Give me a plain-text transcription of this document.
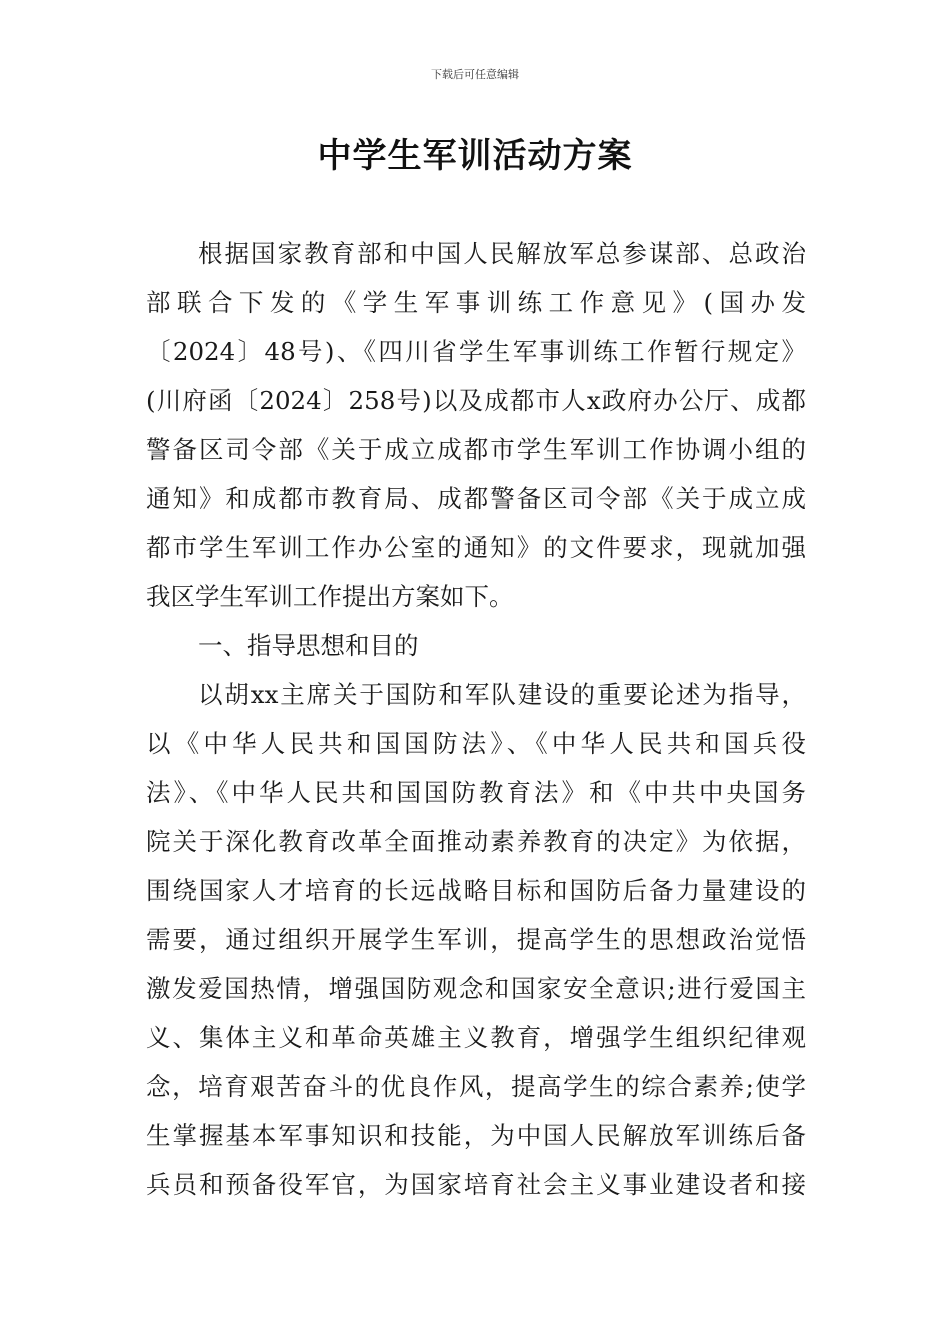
下载后可任意编辑
中学生军训活动方案
根据国家教育部和中国人民解放军总参谋部、总政治
部联合下发的《学生军事训练工作意见》(国办发
〔2024〕48号)、《四川省学生军事训练工作暂行规定》
(川府函〔2024〕258号)以及成都市人x政府办公厅、成都
警备区司令部《关于成立成都市学生军训工作协调小组的
通知》和成都市教育局、成都警备区司令部《关于成立成
都市学生军训工作办公室的通知》的文件要求，现就加强
我区学生军训工作提出方案如下。
一、指导思想和目的
以胡xx主席关于国防和军队建设的重要论述为指导，
以《中华人民共和国国防法》、《中华人民共和国兵役
法》、《中华人民共和国国防教育法》和《中共中央国务
院关于深化教育改革全面推动素养教育的决定》为依据，
围绕国家人才培育的长远战略目标和国防后备力量建设的
需要，通过组织开展学生军训，提高学生的思想政治觉悟
激发爱国热情，增强国防观念和国家安全意识;进行爱国主
义、集体主义和革命英雄主义教育，增强学生组织纪律观
念，培育艰苦奋斗的优良作风，提高学生的综合素养;使学
生掌握基本军事知识和技能，为中国人民解放军训练后备
兵员和预备役军官，为国家培育社会主义事业建设者和接
